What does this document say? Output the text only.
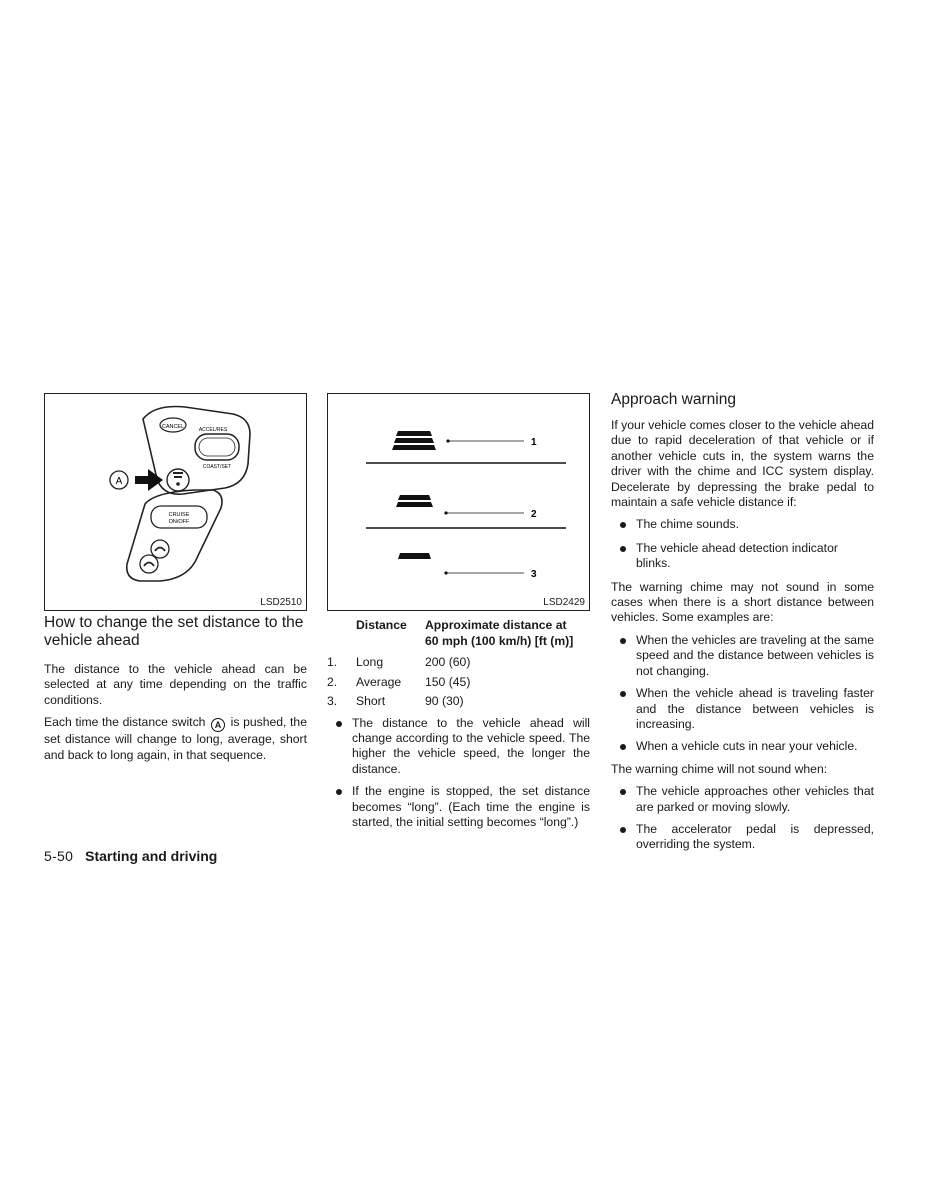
CANCEL	ACCEL/RES
COAST/SET
A
CRUISE
ON/OFF
LSD2510
1
2
3
LSD2429
How to change the set distance to the vehicle ahead

The distance to the vehicle ahead can be selected at any time depending on the traffic conditions.

Each time the distance switch A is pushed, the set distance will change to long, average, short and back to long again, in that sequence.

	Distance	Approximate distance at
60 mph (100 km/h) [ft (m)]
1.	Long	200 (60)
2.	Average	150 (45)
3.	Short	90 (30)
The distance to the vehicle ahead will change according to the vehicle speed. The higher the vehicle speed, the longer the distance.
If the engine is stopped, the set distance becomes “long”. (Each time the engine is started, the initial setting becomes “long”.)
Approach warning

If your vehicle comes closer to the vehicle ahead due to rapid deceleration of that vehicle or if another vehicle cuts in, the system warns the driver with the chime and ICC system display. Decelerate by depressing the brake pedal to maintain a safe vehicle distance if:

The chime sounds.
The vehicle ahead detection indicator blinks.

The warning chime may not sound in some cases when there is a short distance between vehicles. Some examples are:

When the vehicles are traveling at the same speed and the distance between vehicles is not changing.
When the vehicle ahead is traveling faster and the distance between vehicles is increasing.
When a vehicle cuts in near your vehicle.

The warning chime will not sound when:

The vehicle approaches other vehicles that are parked or moving slowly.
The accelerator pedal is depressed, overriding the system.
5-50 Starting and driving
